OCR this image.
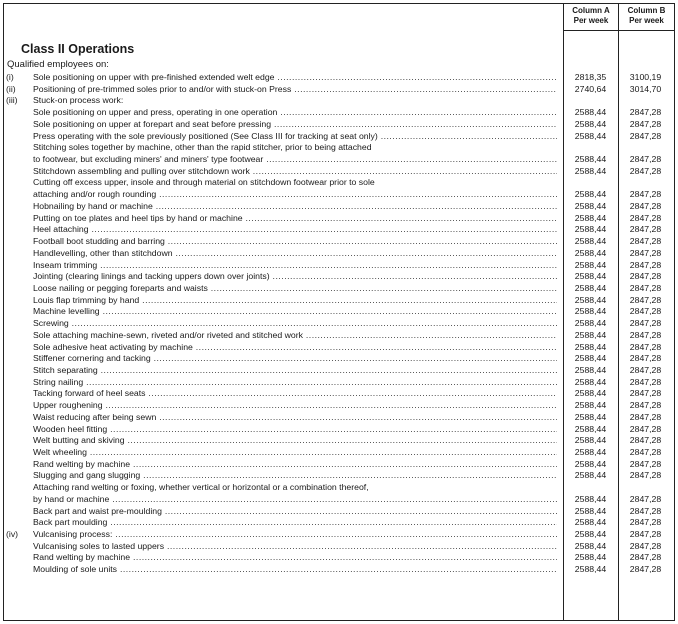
Column A
Per week
Column B
Per week
Class II Operations
Qualified employees on:
(i)	Sole positioning on upper with pre-finished extended welt edge .....	2818,35	3100,19
(ii)	Positioning of pre-trimmed soles prior to and/or with stuck-on Press .....	2740,64	3014,70
(iii)	Stuck-on process work:
Sole positioning on upper and press, operating in one operation .....	2588,44	2847,28
Sole positioning on upper at forepart and seat before pressing .....	2588,44	2847,28
Press operating with the sole previously positioned (See Class III for tracking at seat only) .....	2588,44	2847,28
Stitching soles together by machine, other than the rapid stitcher, prior to being attached
to footwear, but excluding miners' and miners' type footwear .....	2588,44	2847,28
Stitchdown assembling and pulling over stitchdown work .....	2588,44	2847,28
Cutting off excess upper, insole and through material on stitchdown footwear prior to sole
attaching and/or rough rounding .....	2588,44	2847,28
Hobnailing by hand or machine .....	2588,44	2847,28
Putting on toe plates and heel tips by hand or machine .....	2588,44	2847,28
Heel attaching .....	2588,44	2847,28
Football boot studding and barring .....	2588,44	2847,28
Handlevelling, other than stitchdown .....	2588,44	2847,28
Inseam trimming .....	2588,44	2847,28
Jointing (clearing linings and tacking uppers down over joints) .....	2588,44	2847,28
Loose nailing or pegging foreparts and waists .....	2588,44	2847,28
Louis flap trimming by hand .....	2588,44	2847,28
Machine levelling .....	2588,44	2847,28
Screwing .....	2588,44	2847,28
Sole attaching machine-sewn, riveted and/or riveted and stitched work .....	2588,44	2847,28
Sole adhesive heat activating by machine .....	2588,44	2847,28
Stiffener cornering and tacking .....	2588,44	2847,28
Stitch separating .....	2588,44	2847,28
String nailing .....	2588,44	2847,28
Tacking forward of heel seats .....	2588,44	2847,28
Upper roughening .....	2588,44	2847,28
Waist reducing after being sewn .....	2588,44	2847,28
Wooden heel fitting .....	2588,44	2847,28
Welt butting and skiving .....	2588,44	2847,28
Welt wheeling .....	2588,44	2847,28
Rand welting by machine .....	2588,44	2847,28
Slugging and gang slugging .....	2588,44	2847,28
Attaching rand welting or foxing, whether vertical or horizontal or a combination thereof,
by hand or machine .....	2588,44	2847,28
Back part and waist pre-moulding .....	2588,44	2847,28
Back part moulding .....	2588,44	2847,28
(iv)	Vulcanising process: .....	2588,44	2847,28
Vulcanising soles to lasted uppers .....	2588,44	2847,28
Rand welting by machine .....	2588,44	2847,28
Moulding of sole units .....	2588,44	2847,28
